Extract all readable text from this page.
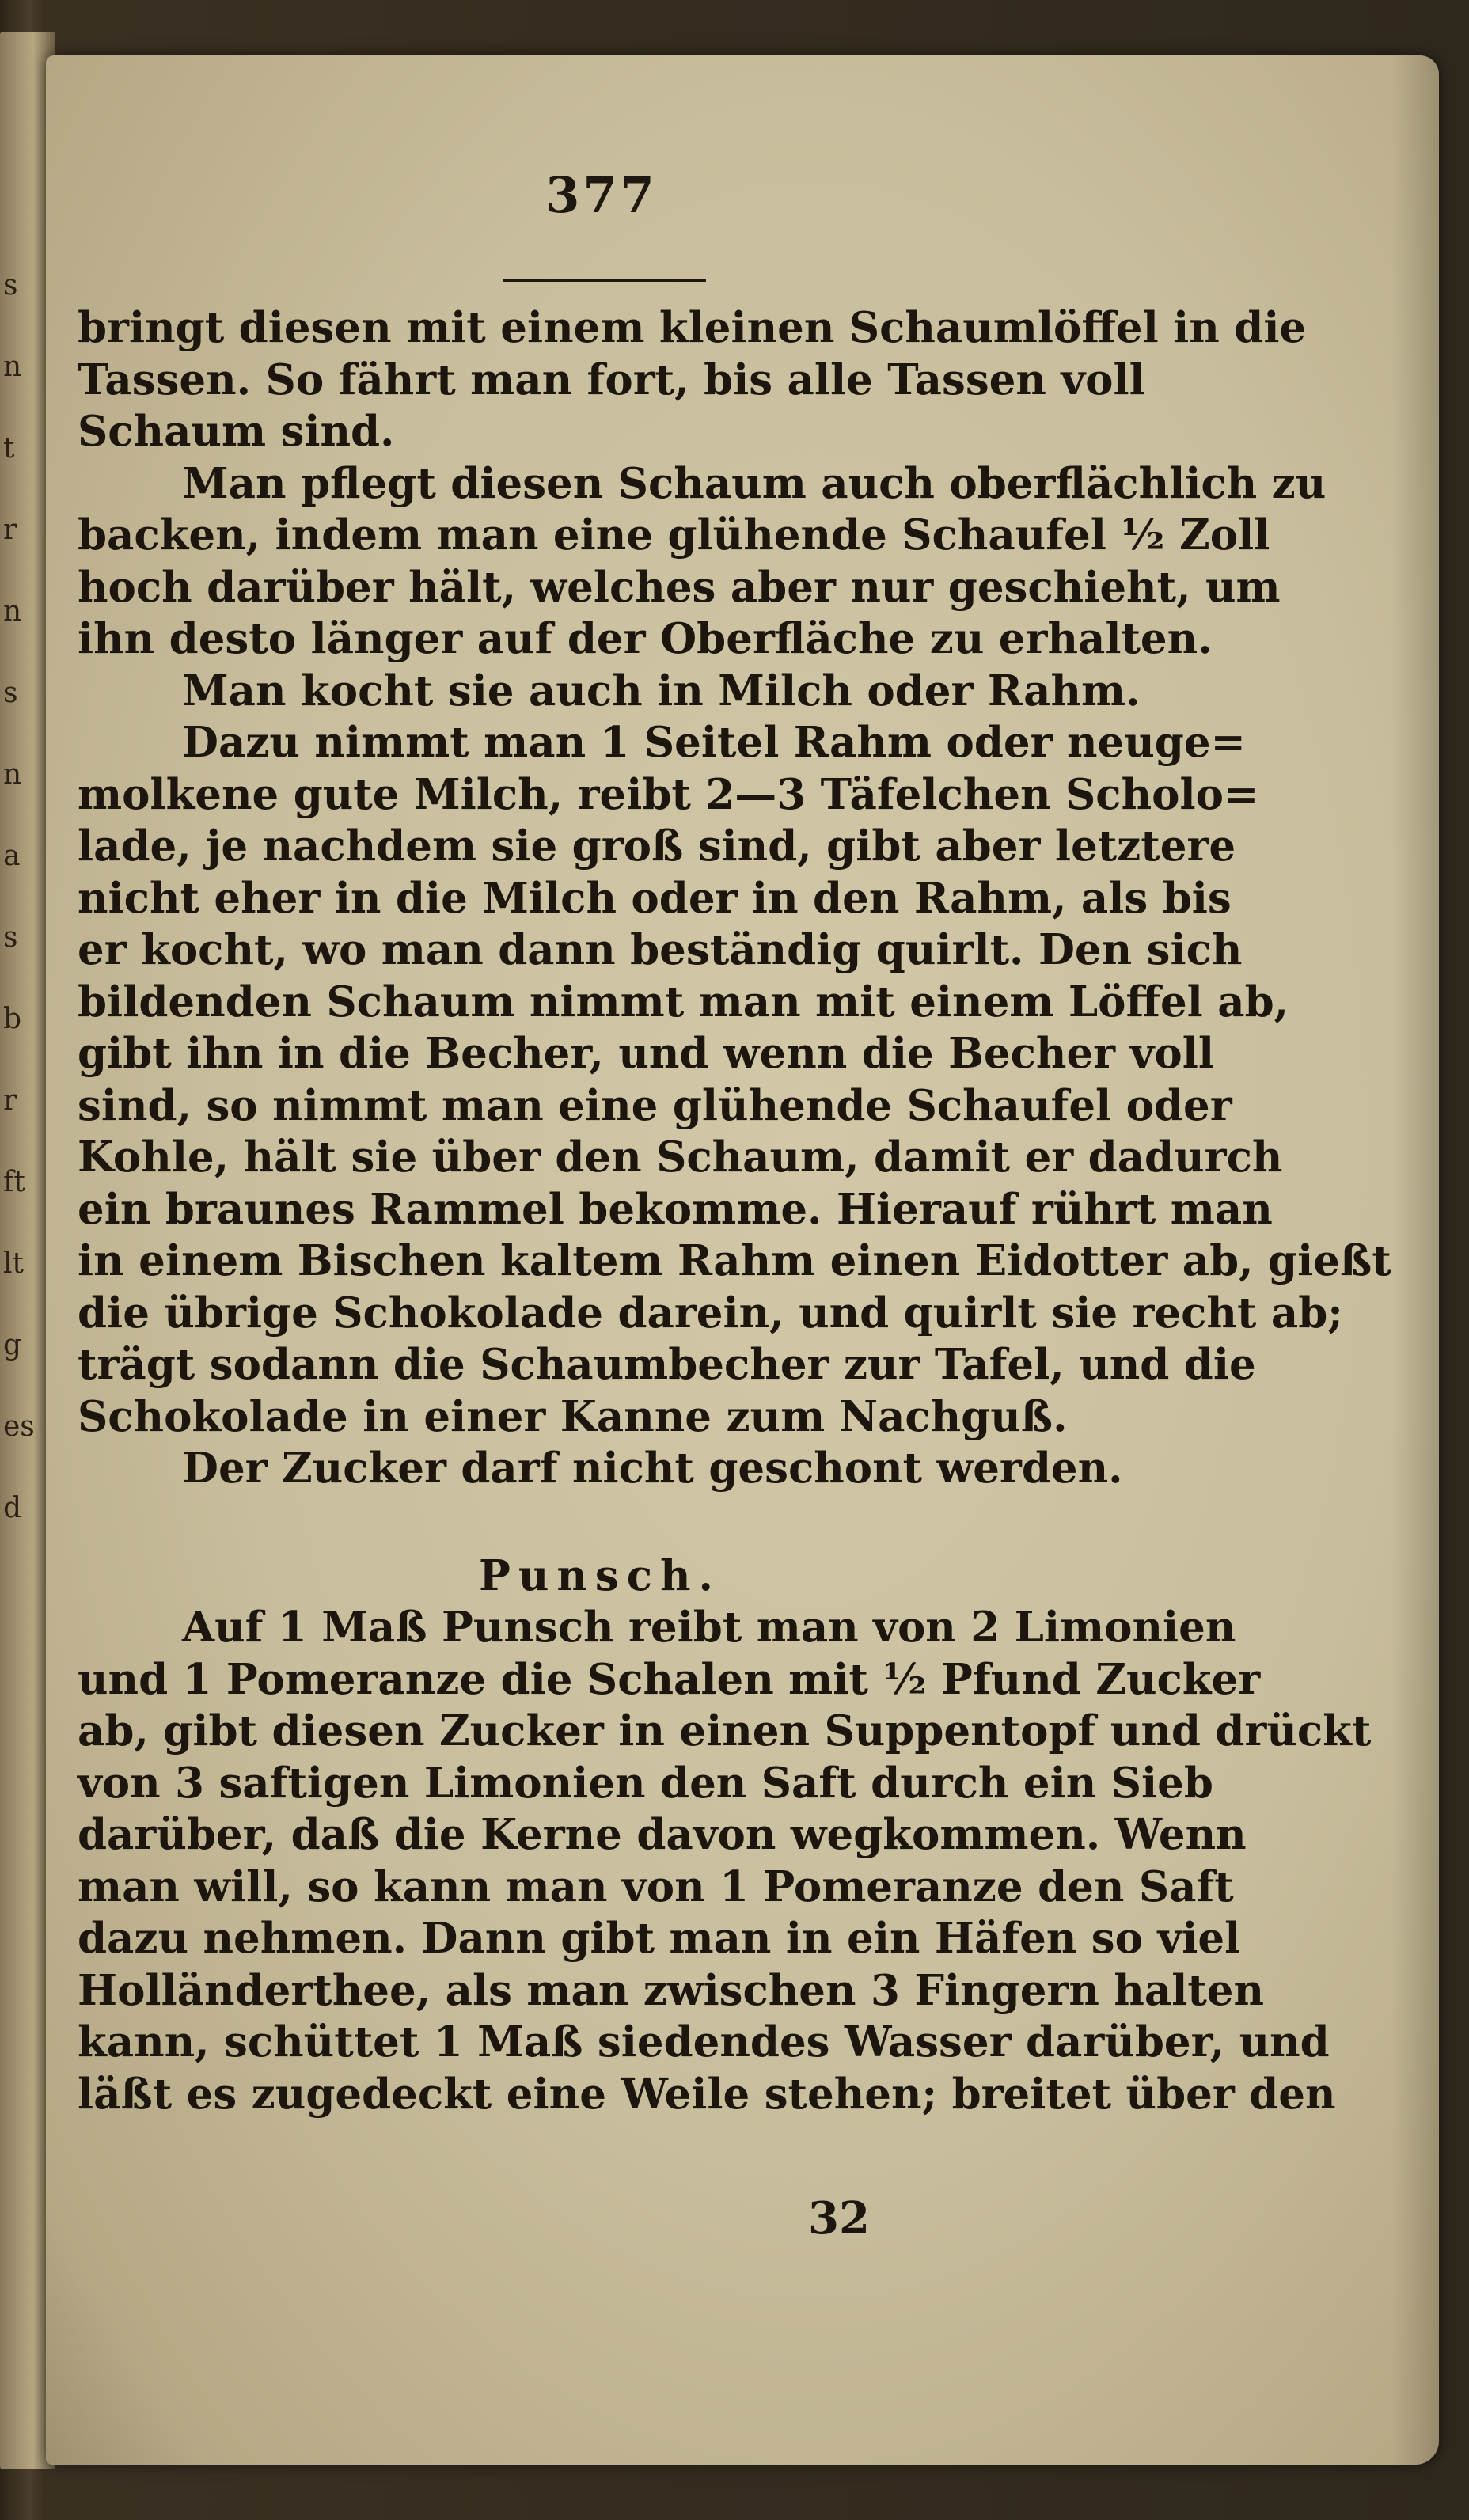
s
n
t
r
n
s
n
a
s
b
r
ft
lt
g
es
d
377
bringt diesen mit einem kleinen Schaumlöffel in die
Tassen. So fährt man fort, bis alle Tassen voll
Schaum sind.
Man pflegt diesen Schaum auch oberflächlich zu
backen, indem man eine glühende Schaufel ½ Zoll
hoch darüber hält, welches aber nur geschieht, um
ihn desto länger auf der Oberfläche zu erhalten.
Man kocht sie auch in Milch oder Rahm.
Dazu nimmt man 1 Seitel Rahm oder neuge=
molkene gute Milch, reibt 2—3 Täfelchen Scholo=
lade, je nachdem sie groß sind, gibt aber letztere
nicht eher in die Milch oder in den Rahm, als bis
er kocht, wo man dann beständig quirlt. Den sich
bildenden Schaum nimmt man mit einem Löffel ab,
gibt ihn in die Becher, und wenn die Becher voll
sind, so nimmt man eine glühende Schaufel oder
Kohle, hält sie über den Schaum, damit er dadurch
ein braunes Rammel bekomme. Hierauf rührt man
in einem Bischen kaltem Rahm einen Eidotter ab, gießt
die übrige Schokolade darein, und quirlt sie recht ab;
trägt sodann die Schaumbecher zur Tafel, und die
Schokolade in einer Kanne zum Nachguß.
Der Zucker darf nicht geschont werden.
Punsch.
Auf 1 Maß Punsch reibt man von 2 Limonien
und 1 Pomeranze die Schalen mit ½ Pfund Zucker
ab, gibt diesen Zucker in einen Suppentopf und drückt
von 3 saftigen Limonien den Saft durch ein Sieb
darüber, daß die Kerne davon wegkommen. Wenn
man will, so kann man von 1 Pomeranze den Saft
dazu nehmen. Dann gibt man in ein Häfen so viel
Holländerthee, als man zwischen 3 Fingern halten
kann, schüttet 1 Maß siedendes Wasser darüber, und
läßt es zugedeckt eine Weile stehen; breitet über den
32
